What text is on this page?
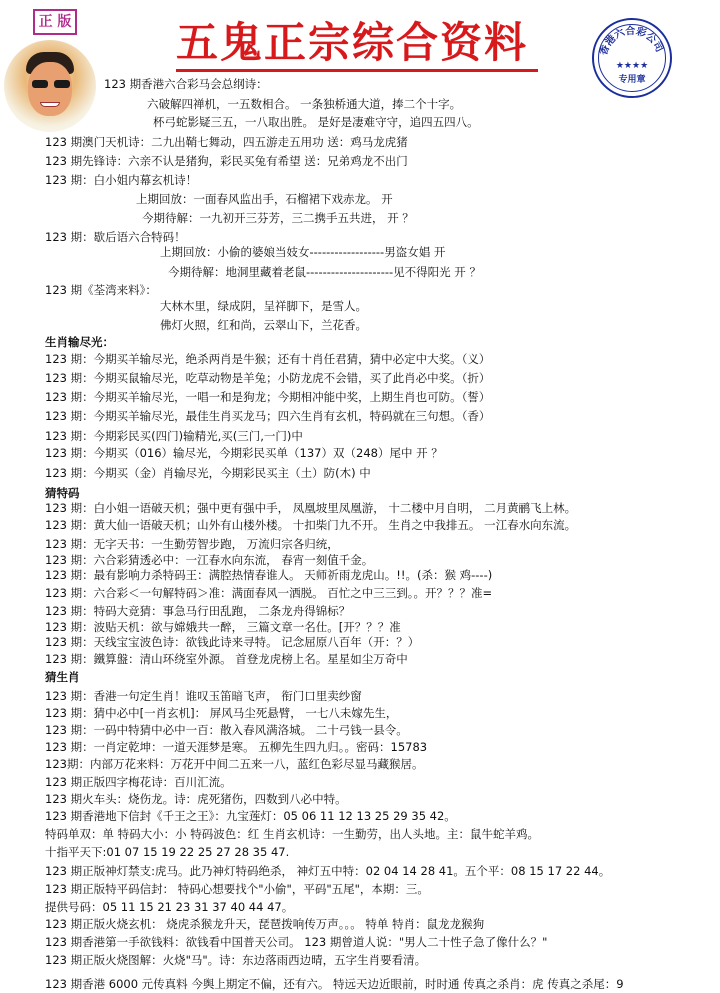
正 版 五鬼正宗综合资料	香港六合彩公司
★★★★
专用章
123 期香港六合彩马会总纲诗：
六破解四禅机，一五数相合。 一条独桥通大道，捧二个十字。
杯弓蛇影疑三五，一八取出胜。 是好是凄难守守，追四五四八。
123 期澳门天机诗：二九出鞘七舞动，四五游走五用功 送：鸡马龙虎猪
123 期先锋诗：六亲不认是猪狗，彩民买兔有希望 送：兄弟鸡龙不出门
123 期：白小姐内幕玄机诗！
上期回放：一面春风监出手，石榴裙下戏赤龙。 开
今期待解：一九初开三芬芳，三二携手五共进， 开 ？
123 期：歇后语六合特码！
上期回放：小偷的婆娘当妓女------------------男盗女娼 开
今期待解：地洞里藏着老鼠---------------------见不得阳光 开 ？
123 期《荃湾来料》：
大林木里，绿成阴，呈祥脚下，是雪人。
佛灯火照，红和尚，云翠山下，兰花香。
生肖输尽光：
123 期：今期买羊输尽光，绝杀两肖是牛猴；还有十肖任君猜，猜中必定中大奖。（义）
123 期：今期买鼠输尽光，吃草动物是羊兔；小防龙虎不会错，买了此肖必中奖。（折）
123 期：今期买羊输尽光，一唱一和是狗龙；今期相冲能中奖，上期生肖也可防。（誓）
123 期：今期买羊输尽光，最佳生肖买龙马；四六生肖有玄机，特码就在三句想。（香）
123 期：今期彩民买(四门)输精光,买(三门,一门)中
123 期：今期买（016）输尽光，今期彩民买单（137）双（248）尾中 开 ？
123 期：今期买（金）肖输尽光，今期彩民买主（土）防(木) 中
猜特码
123 期：白小姐一语破天机；强中更有强中手， 凤凰坡里凤凰游， 十二楼中月自明， 二月黄鹂飞上林。
123 期：黄大仙一语破天机；山外有山楼外楼。 十扣柴门九不开。 生肖之中我排五。 一江春水向东流。
123 期：无字天书：一生勤劳智步跑， 万流归宗各归统，
123 期：六合彩猜透必中：一江春水向东流， 春宵一刻值千金。
123 期：最有影响力杀特码王：满腔热情春谁人。 天师祈雨龙虎山。!!。(杀：猴 鸡----)
123 期：六合彩＜一句解特码＞准：满面春风一洒脱。 百忙之中三三到。。开？？？准=
123 期：特码大竞猜：事急马行田乱跑， 二条龙舟得锦标？
123 期：波贴天机：欲与嫦娥共一醉， 三篇文章一名仕。[开？？？准
123 期：天线宝宝波色诗：欲钱此诗来寻特。 记念屈原八百年（开：？）
123 期：鐵算盤：清山环绕室外源。 首登龙虎榜上名。星星如尘万奇中
猜生肖
123 期：香港一句定生肖！谁叹玉笛暗飞声， 衔门口里卖纱窗
123 期：猜中必中[一肖玄机]： 屏风马尘死悬臂， 一七八未嫁先生，
123 期：一码中特猜中必中一百：散入春风满洛城。 二十弓钱一县令。
123 期：一肖定乾坤：一道天涯梦是寒。 五柳先生四九归。。密码：15783
123期：内部万花来料：万花开中间二五来一八，蓝红色彩尽显马藏猴居。
123 期正版四字梅花诗：百川汇流。
123 期火车头：烧伤龙。诗：虎死猪伤，四数到八必中特。
123 期香港地下信封《千王之王》：九宝莲灯：05 06 11 12 13 25 29 35 42。
特码单双：单 特码大小：小 特码波色：红 生肖玄机诗：一生勤劳，出人头地。主：鼠牛蛇羊鸡。
十指平天下:01 07 15 19 22 25 27 28 35 47.
123 期正版神灯禁支:虎马。此乃神灯特码绝杀， 神灯五中特：02 04 14 28 41。五个平：08 15 17 22 44。
123 期正版特平码信封： 特码心想要找个"小偷"，平码"五尾"，本期：三。
提供号码：05 11 15 21 23 31 37 40 44 47。
123 期正版火烧玄机： 烧虎杀猴龙升天，琵琶拨响传万声。。。 特单 特肖：鼠龙龙猴狗
123 期香港第一手欲钱料：欲钱看中国普天公司。 123 期曾道人说："男人二十性子急了像什么？"
123 期正版火烧图解：火烧"马"。诗：东边落雨西边晴，五字生肖要看清。
123 期香港 6000 元传真料 今舆上期定不偏，还有六。 特远天边近眼前，时时通 传真之杀肖：虎 传真之杀尾：9
